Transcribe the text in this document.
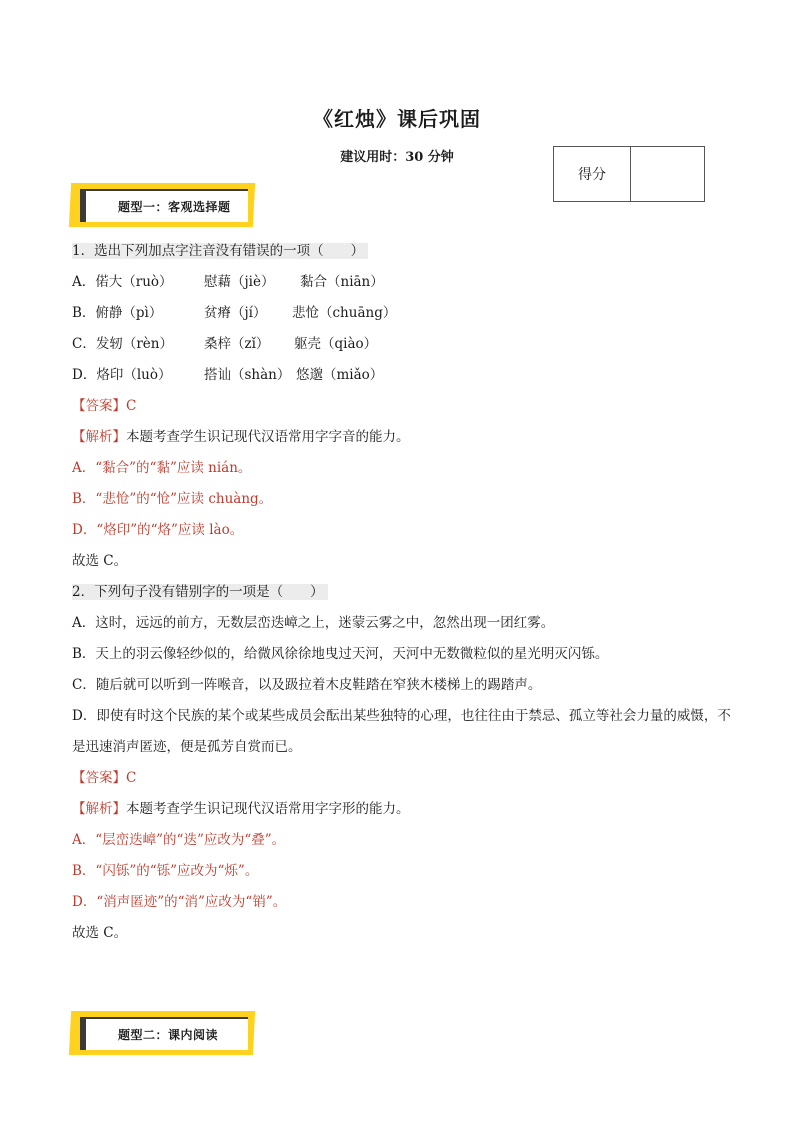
《红烛》课后巩固
建议用时：30 分钟
得分
题型一：客观选择题
1．选出下列加点字注音没有错误的一项（　　）
A．偌大（ruò）	慰藉（jiè）	黏合（niān）
B．俯静（pì）	贫瘠（jí）	悲怆（chuāng）
C．发轫（rèn）	桑梓（zǐ）	躯壳（qiào）
D．烙印（luò）	搭讪（shàn） 悠邈（miǎo）
【答案】C
【解析】本题考查学生识记现代汉语常用字字音的能力。
A．“黏合”的“黏”应读 nián。
B．“悲怆”的“怆”应读 chuàng。
D．“烙印”的“烙”应读 lào。
故选 C。
2．下列句子没有错别字的一项是（　　）
A．这时，远远的前方，无数层峦迭嶂之上，迷蒙云雾之中，忽然出现一团红雾。
B．天上的羽云像轻纱似的，给微风徐徐地曳过天河，天河中无数微粒似的星光明灭闪铄。
C．随后就可以听到一阵喉音，以及趿拉着木皮鞋踏在窄狭木楼梯上的踢踏声。
D．即使有时这个民族的某个或某些成员会酝出某些独特的心理，也往往由于禁忌、孤立等社会力量的威慑，不是迅速消声匿迹，便是孤芳自赏而已。
【答案】C
【解析】本题考查学生识记现代汉语常用字字形的能力。
A．“层峦迭嶂”的“迭”应改为“叠”。
B．“闪铄”的“铄”应改为“烁”。
D．“消声匿迹”的“消”应改为“销”。
故选 C。
题型二：课内阅读
